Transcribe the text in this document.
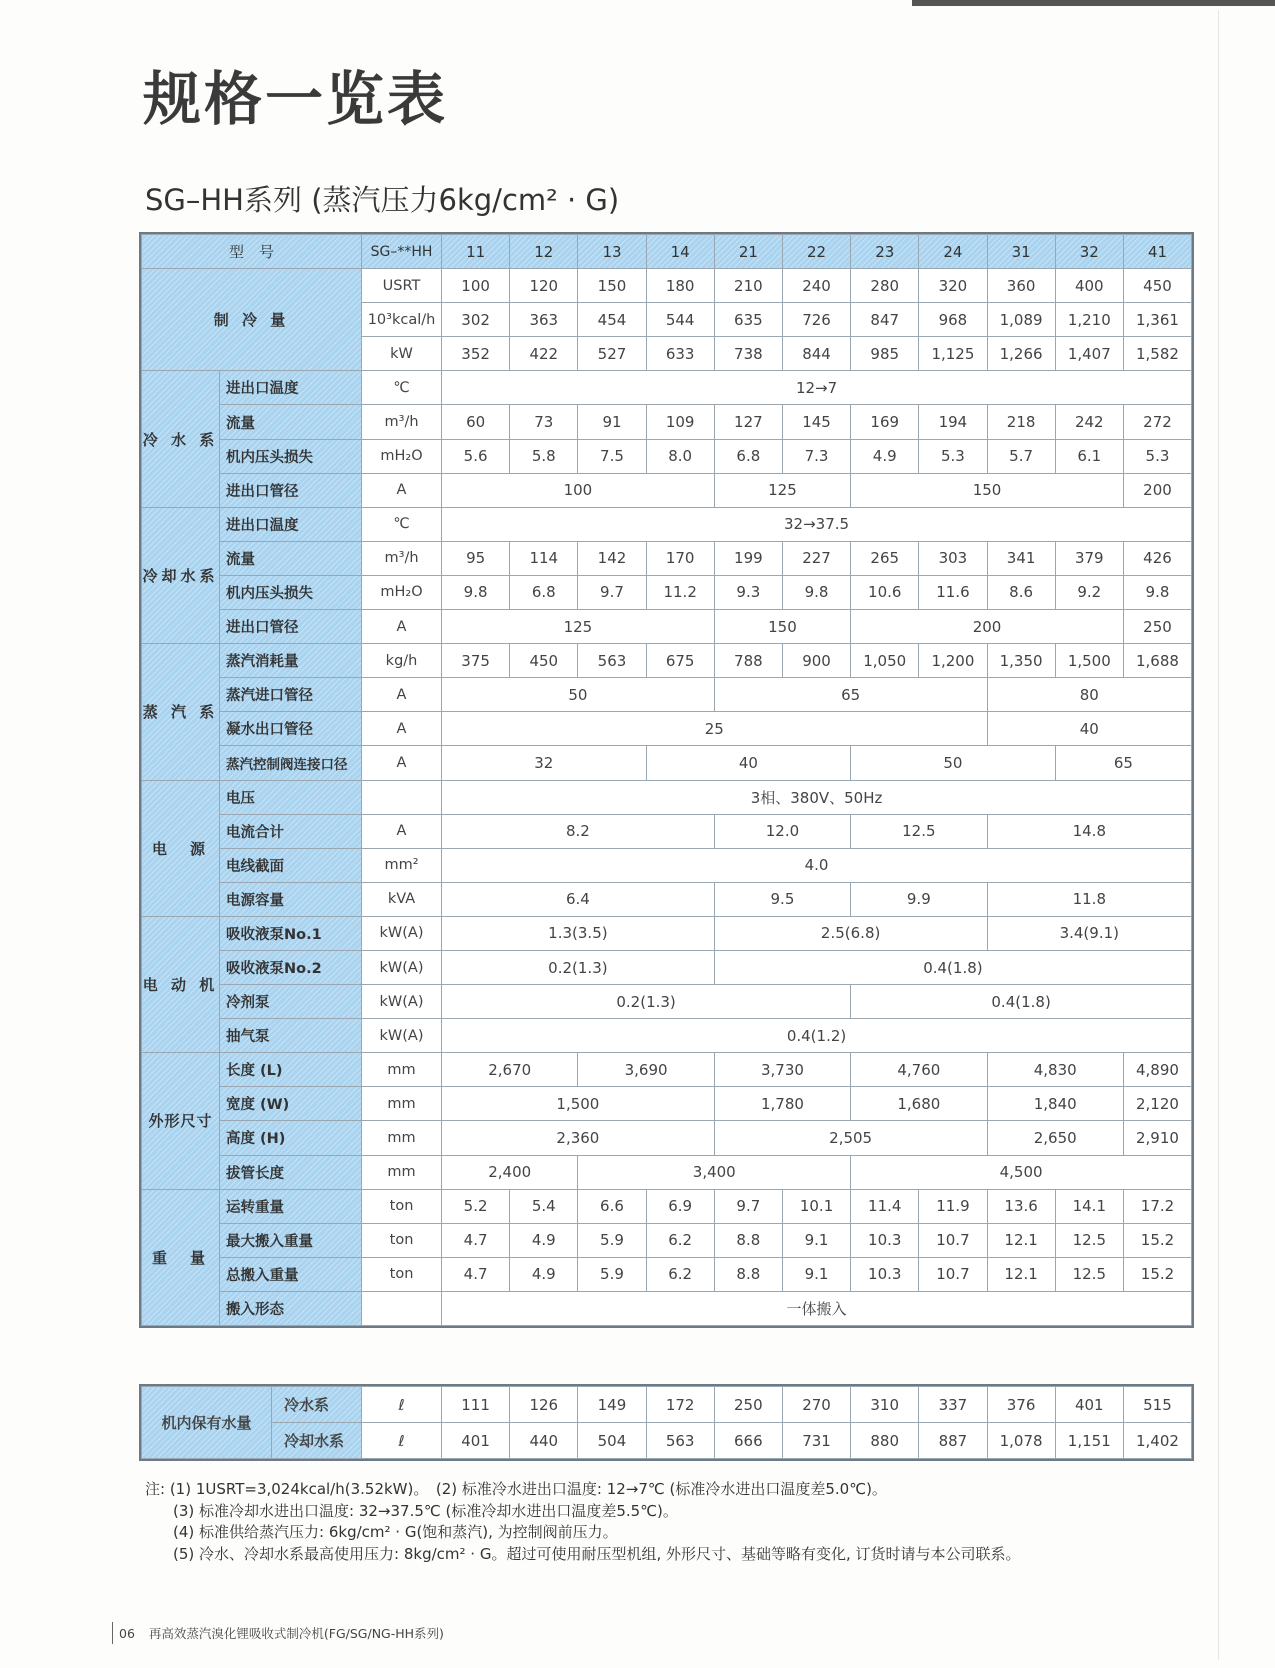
规格一览表
SG–HH系列 (蒸汽压力6kg/cm² · G)
型　号		SG–**HH	11	12	13	14	21	22	23	24	31	32	41
制 冷 量		USRT	100	120	150	180	210	240	280	320	360	400	450
		10³kcal/h	302	363	454	544	635	726	847	968	1,089	1,210	1,361
		kW	352	422	527	633	738	844	985	1,125	1,266	1,407	1,582
冷 水 系	进出口温度	℃	12→7										
	流量	m³/h	60	73	91	109	127	145	169	194	218	242	272
	机内压头损失	mH₂O	5.6	5.8	7.5	8.0	6.8	7.3	4.9	5.3	5.7	6.1	5.3
	进出口管径	A	100				125		150				200
冷却水系	进出口温度	℃	32→37.5										
	流量	m³/h	95	114	142	170	199	227	265	303	341	379	426
	机内压头损失	mH₂O	9.8	6.8	9.7	11.2	9.3	9.8	10.6	11.6	8.6	9.2	9.8
	进出口管径	A	125				150		200				250
蒸 汽 系	蒸汽消耗量	kg/h	375	450	563	675	788	900	1,050	1,200	1,350	1,500	1,688
	蒸汽进口管径	A	50				65				80		
	凝水出口管径	A	25								40		
	蒸汽控制阀连接口径	A	32			40			50			65	
电　源	电压		3相、380V、50Hz										
	电流合计	A	8.2				12.0		12.5		14.8		
	电线截面	mm²	4.0										
	电源容量	kVA	6.4				9.5		9.9		11.8		
电 动 机	吸收液泵No.1	kW(A)	1.3(3.5)				2.5(6.8)				3.4(9.1)		
	吸收液泵No.2	kW(A)	0.2(1.3)				0.4(1.8)						
	冷剂泵	kW(A)	0.2(1.3)						0.4(1.8)				
	抽气泵	kW(A)	0.4(1.2)										
外形尺寸	长度 (L)	mm	2,670		3,690		3,730		4,760		4,830		4,890
	宽度 (W)	mm	1,500				1,780		1,680		1,840		2,120
	高度 (H)	mm	2,360				2,505				2,650		2,910
	拔管长度	mm	2,400		3,400				4,500				
重　量	运转重量	ton	5.2	5.4	6.6	6.9	9.7	10.1	11.4	11.9	13.6	14.1	17.2
	最大搬入重量	ton	4.7	4.9	5.9	6.2	8.8	9.1	10.3	10.7	12.1	12.5	15.2
	总搬入重量	ton	4.7	4.9	5.9	6.2	8.8	9.1	10.3	10.7	12.1	12.5	15.2
	搬入形态		一体搬入										
机内保有水量	冷水系	ℓ	111	126	149	172	250	270	310	337	376	401	515
	冷却水系	ℓ	401	440	504	563	666	731	880	887	1,078	1,151	1,402
注: (1) 1USRT=3,024kcal/h(3.52kW)。　(2) 标准冷水进出口温度: 12→7℃ (标准冷水进出口温度差5.0℃)。
(3) 标准冷却水进出口温度: 32→37.5℃ (标准冷却水进出口温度差5.5℃)。
(4) 标准供给蒸汽压力: 6kg/cm² · G(饱和蒸汽), 为控制阀前压力。
(5) 冷水、冷却水系最高使用压力: 8kg/cm² · G。超过可使用耐压型机组, 外形尺寸、基础等略有变化, 订货时请与本公司联系。
06 再高效蒸汽溴化锂吸收式制冷机(FG/SG/NG-HH系列)
